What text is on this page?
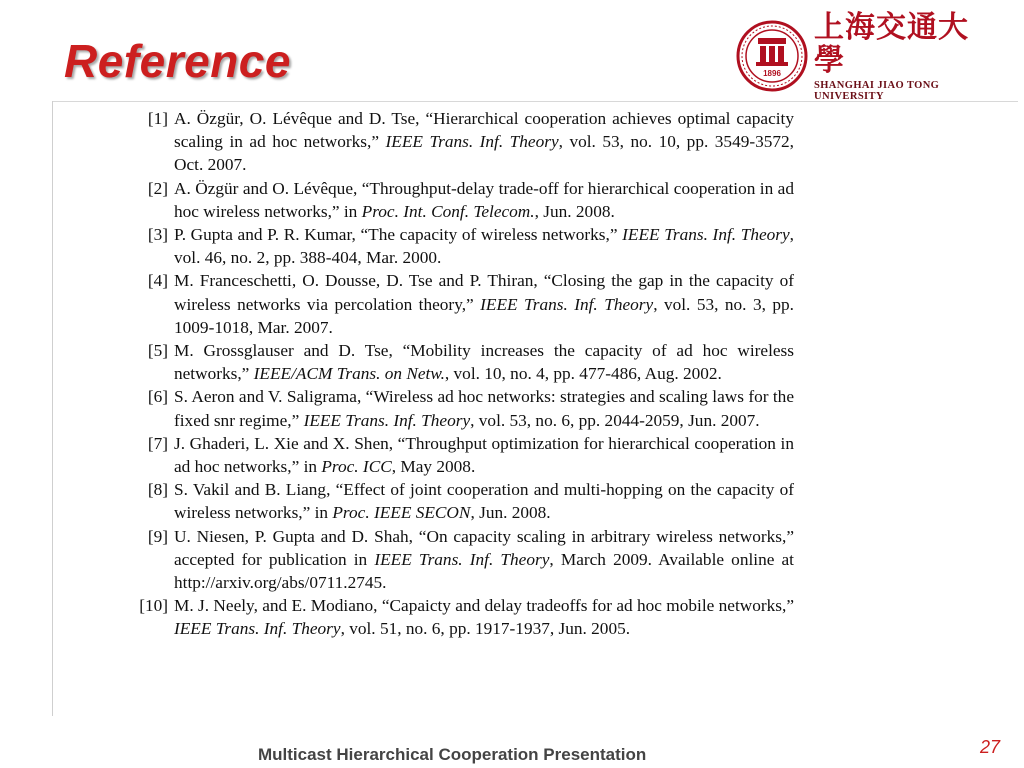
Reference	1896
上海交通大學
SHANGHAI JIAO TONG UNIVERSITY
[1] A. Özgür, O. Lévêque and D. Tse, “Hierarchical cooperation achieves optimal capacity scaling in ad hoc networks,” IEEE Trans. Inf. Theory, vol. 53, no. 10, pp. 3549-3572, Oct. 2007.
[2] A. Özgür and O. Lévêque, “Throughput-delay trade-off for hierarchical cooperation in ad hoc wireless networks,” in Proc. Int. Conf. Telecom., Jun. 2008.
[3] P. Gupta and P. R. Kumar, “The capacity of wireless networks,” IEEE Trans. Inf. Theory, vol. 46, no. 2, pp. 388-404, Mar. 2000.
[4] M. Franceschetti, O. Dousse, D. Tse and P. Thiran, “Closing the gap in the capacity of wireless networks via percolation theory,” IEEE Trans. Inf. Theory, vol. 53, no. 3, pp. 1009-1018, Mar. 2007.
[5] M. Grossglauser and D. Tse, “Mobility increases the capacity of ad hoc wireless networks,” IEEE/ACM Trans. on Netw., vol. 10, no. 4, pp. 477-486, Aug. 2002.
[6] S. Aeron and V. Saligrama, “Wireless ad hoc networks: strategies and scaling laws for the fixed snr regime,” IEEE Trans. Inf. Theory, vol. 53, no. 6, pp. 2044-2059, Jun. 2007.
[7] J. Ghaderi, L. Xie and X. Shen, “Throughput optimization for hierarchical cooperation in ad hoc networks,” in Proc. ICC, May 2008.
[8] S. Vakil and B. Liang, “Effect of joint cooperation and multi-hopping on the capacity of wireless networks,” in Proc. IEEE SECON, Jun. 2008.
[9] U. Niesen, P. Gupta and D. Shah, “On capacity scaling in arbitrary wireless networks,” accepted for publication in IEEE Trans. Inf. Theory, March 2009. Available online at http://arxiv.org/abs/0711.2745.
[10] M. J. Neely, and E. Modiano, “Capaicty and delay tradeoffs for ad hoc mobile networks,” IEEE Trans. Inf. Theory, vol. 51, no. 6, pp. 1917-1937, Jun. 2005.
Multicast Hierarchical Cooperation Presentation	27
